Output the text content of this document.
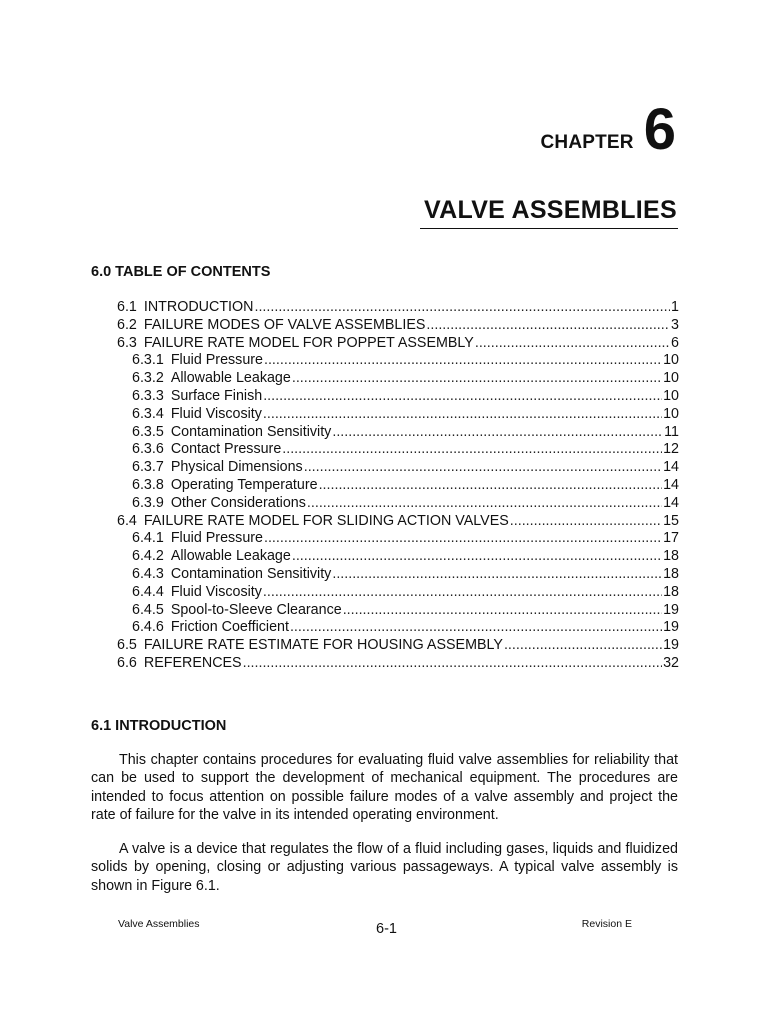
CHAPTER 6
VALVE ASSEMBLIES
6.0 TABLE OF CONTENTS
6.1 INTRODUCTION .....	1
6.2 FAILURE MODES OF VALVE ASSEMBLIES .....	3
6.3 FAILURE RATE MODEL FOR POPPET ASSEMBLY .....	6
6.3.1 Fluid Pressure .....	10
6.3.2 Allowable Leakage .....	10
6.3.3 Surface Finish .....	10
6.3.4 Fluid Viscosity .....	10
6.3.5 Contamination Sensitivity .....	11
6.3.6 Contact Pressure .....	12
6.3.7 Physical Dimensions .....	14
6.3.8 Operating Temperature .....	14
6.3.9 Other Considerations .....	14
6.4 FAILURE RATE MODEL FOR SLIDING ACTION VALVES .....	15
6.4.1 Fluid Pressure .....	17
6.4.2 Allowable Leakage .....	18
6.4.3 Contamination Sensitivity .....	18
6.4.4 Fluid Viscosity .....	18
6.4.5 Spool-to-Sleeve Clearance .....	19
6.4.6 Friction Coefficient .....	19
6.5 FAILURE RATE ESTIMATE FOR HOUSING ASSEMBLY .....	19
6.6 REFERENCES .....	32
6.1 INTRODUCTION

This chapter contains procedures for evaluating fluid valve assemblies for reliability that can be used to support the development of mechanical equipment. The procedures are intended to focus attention on possible failure modes of a valve assembly and project the rate of failure for the valve in its intended operating environment.

A valve is a device that regulates the flow of a fluid including gases, liquids and fluidized solids by opening, closing or adjusting various passageways. A typical valve assembly is shown in Figure 6.1.

Valve Assemblies	6-1	Revision E
